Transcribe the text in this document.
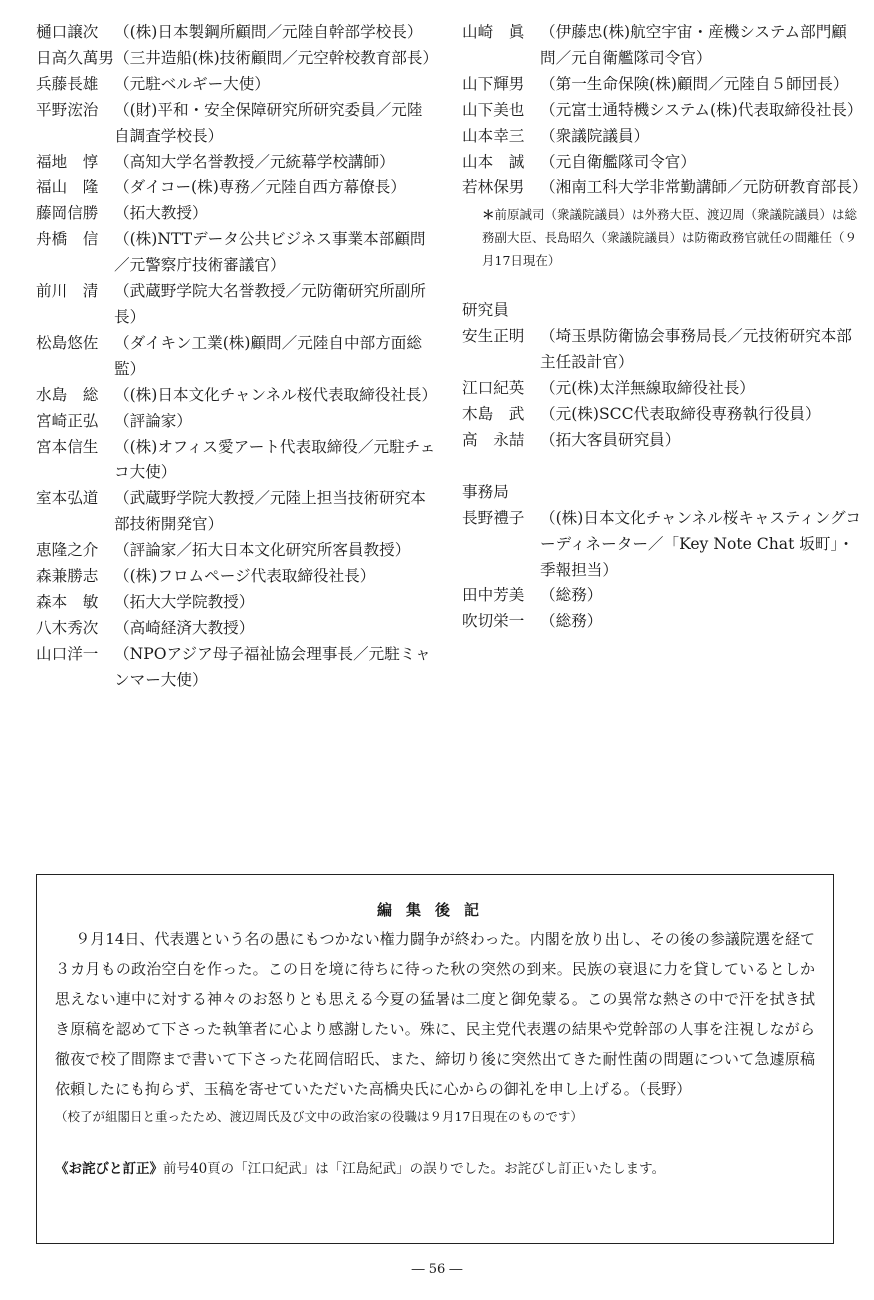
樋口譲次	（(株)日本製鋼所顧問／元陸自幹部学校長）
日高久萬男 （三井造船(株)技術顧問／元空幹校教育部長）
兵藤長雄	（元駐ベルギー大使）
平野浤治	（(財)平和・安全保障研究所研究委員／元陸自調査学校長）
福地　惇	（高知大学名誉教授／元統幕学校講師）
福山　隆	（ダイコー(株)専務／元陸自西方幕僚長）
藤岡信勝	（拓大教授）
舟橋　信	（(株)NTTデータ公共ビジネス事業本部顧問／元警察庁技術審議官）
前川　清	（武蔵野学院大名誉教授／元防衛研究所副所長）
松島悠佐	（ダイキン工業(株)顧問／元陸自中部方面総監）
水島　総	（(株)日本文化チャンネル桜代表取締役社長）
宮崎正弘	（評論家）
宮本信生	（(株)オフィス愛アート代表取締役／元駐チェコ大使）
室本弘道	（武蔵野学院大教授／元陸上担当技術研究本部技術開発官）
恵隆之介	（評論家／拓大日本文化研究所客員教授）
森兼勝志	（(株)フロムページ代表取締役社長）
森本　敏	（拓大大学院教授）
八木秀次	（高崎経済大教授）
山口洋一	（NPOアジア母子福祉協会理事長／元駐ミャンマー大使）
山崎　眞	（伊藤忠(株)航空宇宙・産機システム部門顧問／元自衛艦隊司令官）
山下輝男	（第一生命保険(株)顧問／元陸自５師団長）
山下美也	（元富士通特機システム(株)代表取締役社長）
山本幸三	（衆議院議員）
山本　誠	（元自衛艦隊司令官）
若林保男	（湘南工科大学非常勤講師／元防研教育部長）
＊前原誠司（衆議院議員）は外務大臣、渡辺周（衆議院議員）は総務副大臣、長島昭久（衆議院議員）は防衛政務官就任の間離任（９月17日現在）
研究員
安生正明	（埼玉県防衛協会事務局長／元技術研究本部主任設計官）
江口紀英	（元(株)太洋無線取締役社長）
木島　武	（元(株)SCC代表取締役専務執行役員）
高　永喆	（拓大客員研究員）
事務局
長野禮子	（(株)日本文化チャンネル桜キャスティングコーディネーター／「Key Note Chat 坂町」・季報担当）
田中芳美	（総務）
吹切栄一	（総務）
編集後記
９月14日、代表選という名の愚にもつかない権力闘争が終わった。内閣を放り出し、その後の参議院選を経て３カ月もの政治空白を作った。この日を境に待ちに待った秋の突然の到来。民族の衰退に力を貸しているとしか思えない連中に対する神々のお怒りとも思える今夏の猛暑は二度と御免蒙る。この異常な熱さの中で汗を拭き拭き原稿を認めて下さった執筆者に心より感謝したい。殊に、民主党代表選の結果や党幹部の人事を注視しながら徹夜で校了間際まで書いて下さった花岡信昭氏、また、締切り後に突然出てきた耐性菌の問題について急遽原稿依頼したにも拘らず、玉稿を寄せていただいた高橋央氏に心からの御礼を申し上げる。（長野）
（校了が組閣日と重ったため、渡辺周氏及び文中の政治家の役職は９月17日現在のものです）
《お詫びと訂正》前号40頁の「江口紀武」は「江島紀武」の誤りでした。お詫びし訂正いたします。
― 56 ―
